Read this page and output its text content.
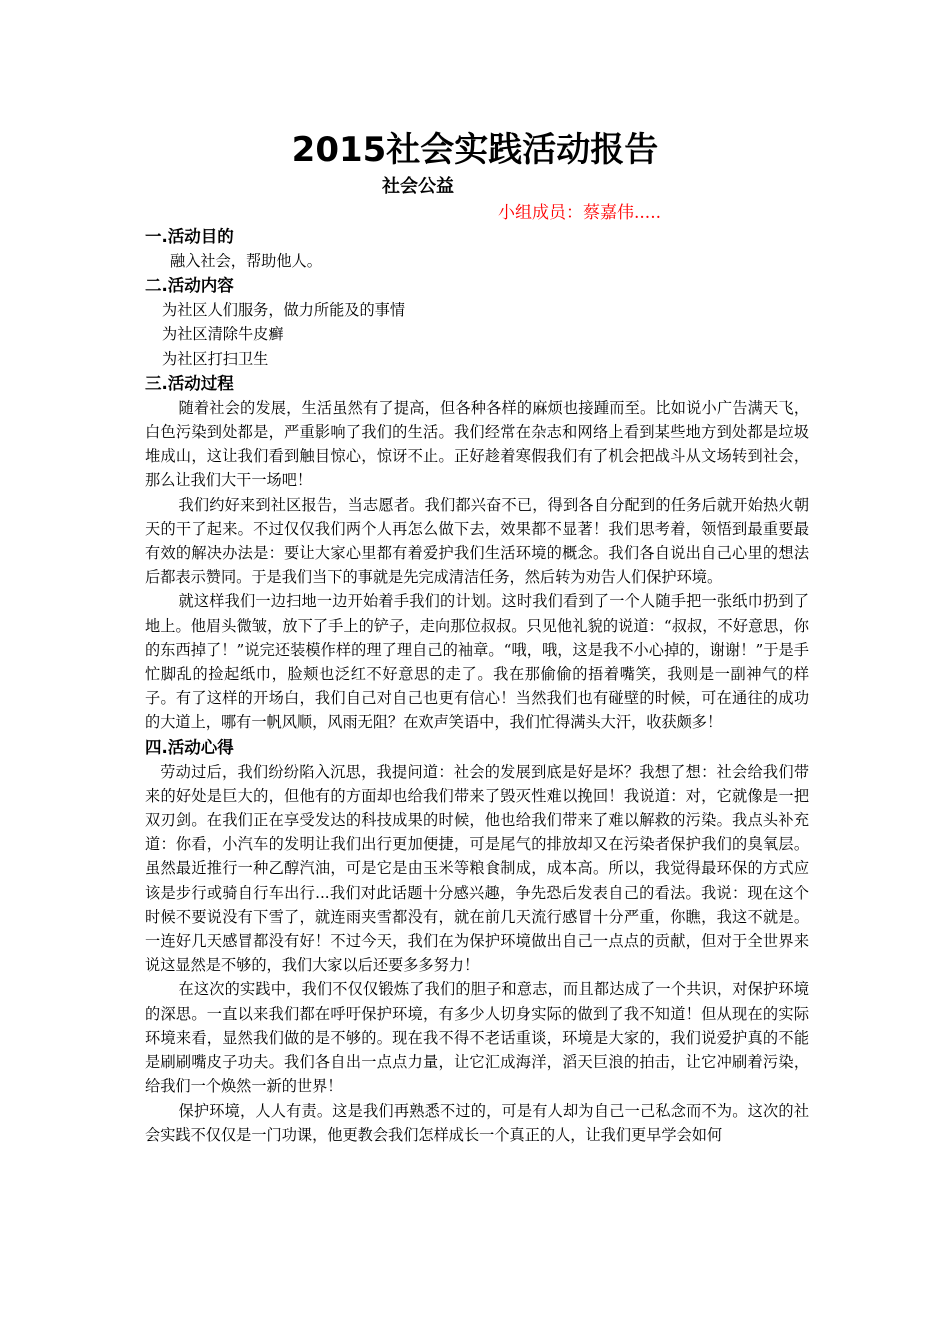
2015社会实践活动报告
社会公益
小组成员：蔡嘉伟.....
一.活动目的

融入社会，帮助他人。

二.活动内容

为社区人们服务，做力所能及的事情

为社区清除牛皮癣

为社区打扫卫生

三.活动过程

随着社会的发展，生活虽然有了提高，但各种各样的麻烦也接踵而至。比如说小广告满天飞，白色污染到处都是，严重影响了我们的生活。我们经常在杂志和网络上看到某些地方到处都是垃圾堆成山，这让我们看到触目惊心，惊讶不止。正好趁着寒假我们有了机会把战斗从文场转到社会，那么让我们大干一场吧！

我们约好来到社区报告，当志愿者。我们都兴奋不已，得到各自分配到的任务后就开始热火朝天的干了起来。不过仅仅我们两个人再怎么做下去，效果都不显著！我们思考着，领悟到最重要最有效的解决办法是：要让大家心里都有着爱护我们生活环境的概念。我们各自说出自己心里的想法后都表示赞同。于是我们当下的事就是先完成清洁任务，然后转为劝告人们保护环境。

就这样我们一边扫地一边开始着手我们的计划。这时我们看到了一个人随手把一张纸巾扔到了地上。他眉头微皱，放下了手上的铲子，走向那位叔叔。只见他礼貌的说道：“叔叔，不好意思，你的东西掉了！”说完还装模作样的理了理自己的袖章。“哦，哦，这是我不小心掉的，谢谢！”于是手忙脚乱的捡起纸巾，脸颊也泛红不好意思的走了。我在那偷偷的捂着嘴笑，我则是一副神气的样子。有了这样的开场白，我们自己对自己也更有信心！当然我们也有碰壁的时候，可在通往的成功的大道上，哪有一帆风顺，风雨无阻？在欢声笑语中，我们忙得满头大汗，收获颇多！

四.活动心得

劳动过后，我们纷纷陷入沉思，我提问道：社会的发展到底是好是坏？我想了想：社会给我们带来的好处是巨大的，但他有的方面却也给我们带来了毁灭性难以挽回！我说道：对，它就像是一把双刃剑。在我们正在享受发达的科技成果的时候，他也给我们带来了难以解救的污染。我点头补充道：你看，小汽车的发明让我们出行更加便捷，可是尾气的排放却又在污染者保护我们的臭氧层。虽然最近推行一种乙醇汽油，可是它是由玉米等粮食制成，成本高。所以，我觉得最环保的方式应该是步行或骑自行车出行...我们对此话题十分感兴趣，争先恐后发表自己的看法。我说：现在这个时候不要说没有下雪了，就连雨夹雪都没有，就在前几天流行感冒十分严重，你瞧，我这不就是。一连好几天感冒都没有好！不过今天，我们在为保护环境做出自己一点点的贡献，但对于全世界来说这显然是不够的，我们大家以后还要多多努力！

在这次的实践中，我们不仅仅锻炼了我们的胆子和意志，而且都达成了一个共识，对保护环境的深思。一直以来我们都在呼吁保护环境，有多少人切身实际的做到了我不知道！但从现在的实际环境来看，显然我们做的是不够的。现在我不得不老话重谈，环境是大家的，我们说爱护真的不能是刷刷嘴皮子功夫。我们各自出一点点力量，让它汇成海洋，滔天巨浪的拍击，让它冲刷着污染，给我们一个焕然一新的世界！

保护环境，人人有责。这是我们再熟悉不过的，可是有人却为自己一己私念而不为。这次的社会实践不仅仅是一门功课，他更教会我们怎样成长一个真正的人，让我们更早学会如何
